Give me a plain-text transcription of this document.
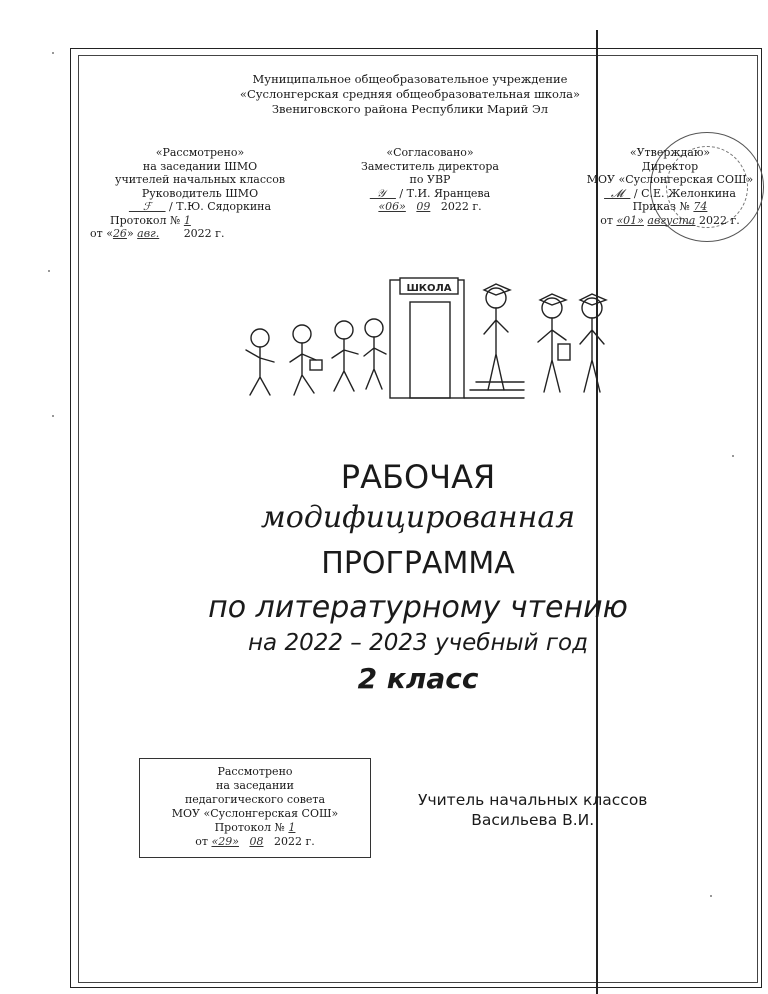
Муниципальное общеобразовательное учреждение
«Суслонгерская средняя общеобразовательная школа»
Звениговского района Республики Марий Эл
«Рассмотрено»
на заседании ШМО
учителей начальных классов
Руководитель ШМО
ℱ     / Т.Ю. Сядоркина
Протокол № 1
от «26» авг. 2022 г.
«Согласовано»
Заместитель директора
по УВР
𝒴    / Т.И. Яранцева
«06» 09 2022 г.
«Утверждаю»
Директор
МОУ «Суслонгерская СОШ»
𝓜   / С.Е. Желонкина
Приказ № 74
от «01» августа 2022 г.
ШКОЛА
РАБОЧАЯ
модифицированная
ПРОГРАММА
по литературному чтению
на 2022 – 2023 учебный год
2 класс
Рассмотрено
на заседании
педагогического совета
МОУ «Суслонгерская СОШ»
Протокол № 1
от «29» 08 2022 г.
Учитель начальных классов
Васильева В.И.
